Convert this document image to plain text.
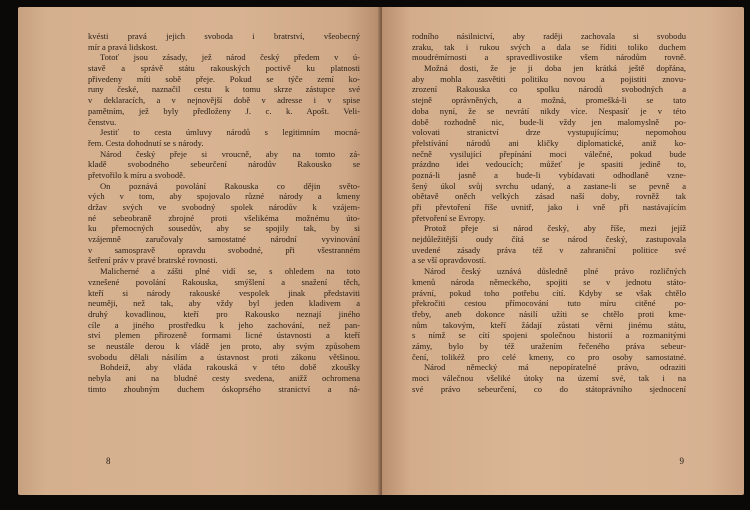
kvésti pravá jejich svoboda i bratrství, všeobecný
mír a pravá lidskost.
Totoť jsou zásady, jež národ český předem v ú-
stavě a správě státu rakouských poctivě ku platnosti
přivedeny míti sobě přeje. Pokud se týče zemí ko-
runy české, naznačil cestu k tomu skrze zástupce své
v deklaracích, a v nejnovější době v adresse i v spise
pamětním, jež byly předloženy J. c. k. Apošt. Veli-
čenstvu.
Jestiť to cesta úmluvy národů s legitimním mocná-
řem. Cesta dohodnutí se s národy.
Národ český přeje si vroucně, aby na tomto zá-
kladě svobodného sebeurčení národův Rakousko se
přetvořilo k míru a svobodě.
On poznává povolání Rakouska co dějin světo-
vých v tom, aby spojovalo různé národy a kmeny
držav svých ve svobodný spolek národův k vzájem-
né sebeobraně zbrojné proti všelikéma možnému úto-
ku přemocných sousedův, aby se spojily tak, by si
vzájemně zaručovaly samostatné národní vyvinování
v samospravě opravdu svobodné, při všestranném
šetření práv v pravé bratrské rovnosti.
Malicherné a zášti plné vidí se, s ohledem na toto
vznešené povolání Rakouska, smýšlení a snažení těch,
kteří si národy rakouské vespolek jinak představiti
neuměji, než tak, aby vždy byl jeden kladivem a
druhý kovadlinou, kteří pro Rakousko neznají jiného
cíle a jiného prostředku k jeho zachování, než pan-
ství plemen přirozeně formami licné ústavnosti a kteří
se neustále derou k vládě jen proto, aby svým způsobem
svobodu dělali násilím a ústavnost proti zákonu většinou.
Bohdeiž, aby vláda rakouská v této době zkoušky
nebyla ani na bludné cesty svedena, anižž ochromena
timto zhoubným duchem óskoprsého stranictví a ná-
8
rodního násilnictví, aby raději zachovala si svobodu
zraku, tak i rukou svých a dala se říditi toliko duchem
moudrémírnosti a spravedlivostike všem národům rovně.
Možná dosti, že je ji doba jen krátká ještě dopřána,
aby mohla zasvětiti politiku novou a pojistiti znovu-
zrození Rakouska co spolku národů svobodných a
stejně oprávněných, a možná, promešká-li se tato
doba nyní, že se nevrátí nikdy více. Nespasíť je v této
době rozhodně nic, bude-li vždy jen malomyslně po-
volovati stranictví drze vystupujícímu; nepomohou
přelstívání národů ani kličky diplomatické, aniž ko-
nečně vysilující přepínání moci válečné, pokud bude
prázdno idei vedoucích; můžeť je spasiti jedině to,
pozná-li jasně a bude-li vybídavati odhodlaně vzne-
šený úkol svůj svrchu udaný, a zastane-li se pevně a
obětavě oněch velkých zásad naší doby, rovněž tak
při převtoření říše uvnitř, jako i vně při nastávajícím
přetvoření se Evropy.
Protož přeje si národ český, aby říše, mezi jejíž
nejdůležitější oudy čítá se národ český, zastupovala
uvedené zásady práva též v zahraniční politice své
a se vší opravdovostí.
Národ český uznává důsledně plné právo rozličných
kmenů národa německého, spojiti se v jednotu státo-
právní, pokud toho potřebu cítí. Kdyby se však chtělo
překročiti cestou přímocování tuto míru citěné po-
třeby, aneb dokonce násilí užíti se chtělo proti kme-
nům takovým, kteří žádají zůstati věrni jinému státu,
s nímž se cítí spojeni společnou historií a rozmanitými
zámy, bylo by též uražením řečeného práva sebeur-
čení, tolikéž pro celé kmeny, co pro osoby samostatné.
Národ německý má nepopíratelné právo, odraziti
moci válečnou všeliké útoky na území své, tak i na
své právo sebeurčení, co do státoprávního sjednocení
9
